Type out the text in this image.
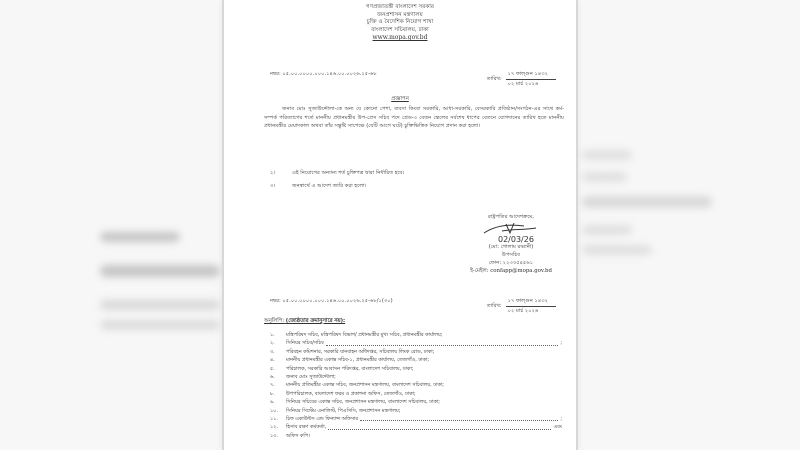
গণপ্রজাতন্ত্রী বাংলাদেশ সরকার
জনপ্রশাসন মন্ত্রণালয়
চুক্তি ও বৈদেশিক নিয়োগ শাখা
বাংলাদেশ সচিবালয়, ঢাকা
www.mopa.gov.bd
নম্বর: ০৫.০০.০০০০.০০০.১৪৬.০০.০০২৬.২৫-৬৮
তারিখ:
১৭ ফাল্গুন ১৪৩২
০২ মার্চ ২০২৬
প্রজ্ঞাপন

জনাব মোঃ সুজাউদ্দৌলা-কে অন্য যে কোনো পেশা, ব্যবসা কিংবা সরকারি, আধা-সরকারি, বেসরকারি প্রতিষ্ঠান/সংগঠন-এর সাথে কর্ম-সম্পর্ক পরিত্যাগের শর্তে মাননীয় প্রধানমন্ত্রীর উপ-প্রেস সচিব পদে গ্রেড-৩ বেতন স্কেলের সর্বশেষ ধাপের বেতনে যোগদানের তারিখ হতে মাননীয় প্রধানমন্ত্রীর মেয়াদকাল অথবা তাঁর সন্তুষ্টি সাপেক্ষে (যেটি আগে ঘটে) চুক্তিভিত্তিক নিয়োগ প্রদান করা হলো।

২।	এই নিয়োগের অন্যান্য শর্ত চুক্তিপত্র দ্বারা নির্ধারিত হবে।
৩।	জনস্বার্থে এ আদেশ জারি করা হলো।
রাষ্ট্রপতির আদেশক্রমে,
02/03/26
(মো: গোলাম রব্বানী)
উপসচিব
ফোন: ২২৩৩৫৪৫৬১
ই-মেইল: confapp@mopa.gov.bd
নম্বর: ০৫.০০.০০০০.০০০.১৪৬.০০.০০২৬.২৫-৬৮/১(৩০)
তারিখ:
১৭ ফাল্গুন ১৪৩২
০২ মার্চ ২০২৬
অনুলিপি: (জ্যেষ্ঠতার ক্রমানুসারে নয়):
১.	মন্ত্রিপরিষদ সচিব, মন্ত্রিপরিষদ বিভাগ/ প্রধানমন্ত্রীর মুখ্য সচিব, প্রধানমন্ত্রীর কার্যালয়;
২.	সিনিয়র সচিব/সচিব	;
৩.	পরিবহন কমিশনার, সরকারি যানবাহন অধিদপ্তর, সচিবালয় লিংক রোড, ঢাকা;
৪.	মাননীয় প্রধানমন্ত্রীর একান্ত সচিব-১, প্রধানমন্ত্রীর কার্যালয়, তেজগাঁও, ঢাকা;
৫.	পরিচালক, সরকারি আবাসন পরিদপ্তর, বাংলাদেশ সচিবালয়, ঢাকা;
৬.	জনাব মোঃ সুজাউদ্দৌলা;
৭.	মাননীয় প্রতিমন্ত্রীর একান্ত সচিব, জনপ্রশাসন মন্ত্রণালয়, বাংলাদেশ সচিবালয়, ঢাকা;
৮.	উপপরিচালক, বাংলাদেশ ফরম ও প্রকাশনা অফিস, তেজগাঁও, ঢাকা;
৯.	সিনিয়র সচিবের একান্ত সচিব, জনপ্রশাসন মন্ত্রণালয়, বাংলাদেশ সচিবালয়, ঢাকা;
১০.	সিনিয়র সিস্টেম এনালিস্ট, পিএসিসি, জনপ্রশাসন মন্ত্রণালয়;
১১.	চিফ একাউন্টস এন্ড ফিন্যান্স অফিসার	;
১২.	হিসাব রক্ষণ কর্মকর্তা,	এবং
১৩.	অফিস কপি।
